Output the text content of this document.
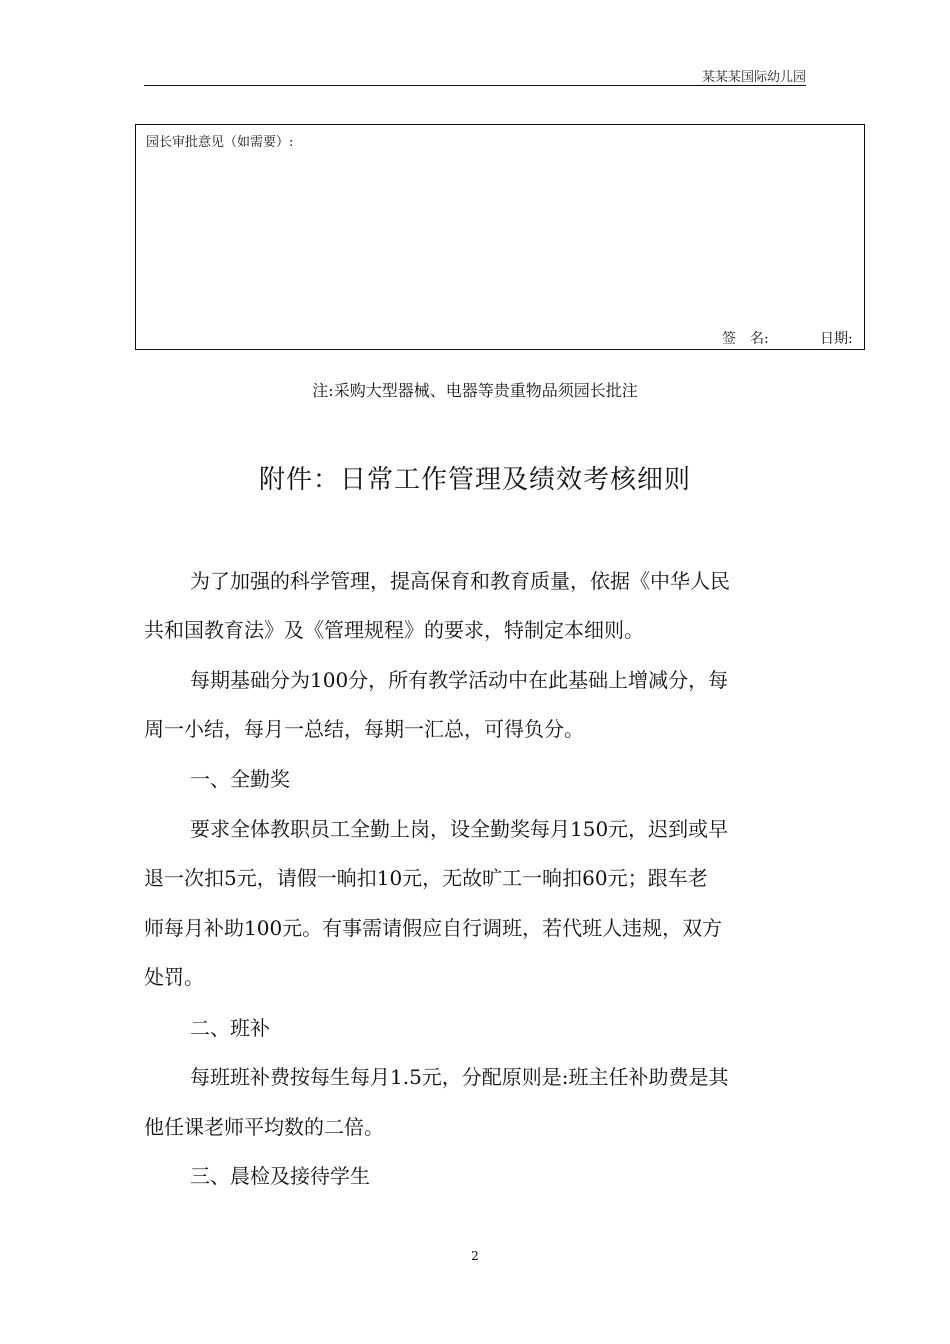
某某某国际幼儿园
园长审批意见（如需要）:
签　名:	日期:
注:采购大型器械、电器等贵重物品须园长批注
附件：日常工作管理及绩效考核细则
为了加强的科学管理，提高保育和教育质量，依据《中华人民
共和国教育法》及《管理规程》的要求，特制定本细则。
每期基础分为100分，所有教学活动中在此基础上增减分，每
周一小结，每月一总结，每期一汇总，可得负分。
一、全勤奖
要求全体教职员工全勤上岗，设全勤奖每月150元，迟到或早
退一次扣5元，请假一晌扣10元，无故旷工一晌扣60元；跟车老
师每月补助100元。有事需请假应自行调班，若代班人违规，双方
处罚。
二、班补
每班班补费按每生每月1.5元，分配原则是:班主任补助费是其
他任课老师平均数的二倍。
三、晨检及接待学生
2
